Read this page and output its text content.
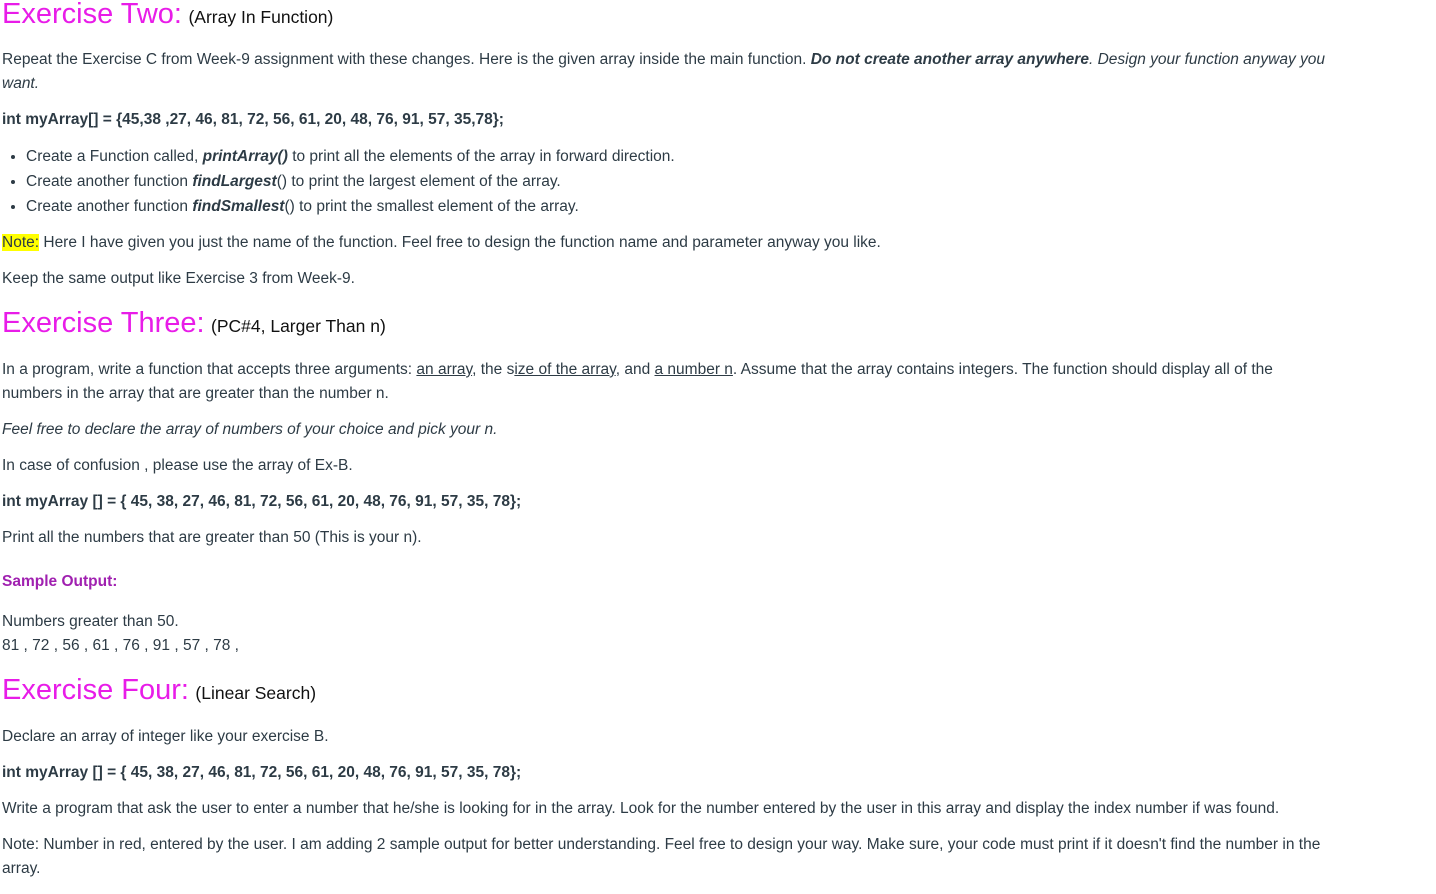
Exercise Two: (Array In Function)

Repeat the Exercise C from Week-9 assignment with these changes. Here is the given array inside the main function. Do not create another array anywhere. Design your function anyway you want.

int myArray[] = {45,38 ,27, 46, 81, 72, 56, 61, 20, 48, 76, 91, 57, 35,78};

• Create a Function called, printArray() to print all the elements of the array in forward direction.
• Create another function findLargest() to print the largest element of the array.
• Create another function findSmallest() to print the smallest element of the array.

Note: Here I have given you just the name of the function. Feel free to design the function name and parameter anyway you like.

Keep the same output like Exercise 3 from Week-9.

Exercise Three: (PC#4, Larger Than n)

In a program, write a function that accepts three arguments: an array, the size of the array, and a number n. Assume that the array contains integers. The function should display all of the numbers in the array that are greater than the number n.

Feel free to declare the array of numbers of your choice and pick your n.

In case of confusion , please use the array of Ex-B.

int myArray [] = { 45, 38, 27, 46, 81, 72, 56, 61, 20, 48, 76, 91, 57, 35, 78};

Print all the numbers that are greater than 50 (This is your n).

Sample Output:

Numbers greater than 50.

81 , 72 , 56 , 61 , 76 , 91 , 57 , 78 ,

Exercise Four: (Linear Search)

Declare an array of integer like your exercise B.

int myArray [] = { 45, 38, 27, 46, 81, 72, 56, 61, 20, 48, 76, 91, 57, 35, 78};

Write a program that ask the user to enter a number that he/she is looking for in the array. Look for the number entered by the user in this array and display the index number if was found.

Note: Number in red, entered by the user. I am adding 2 sample output for better understanding. Feel free to design your way. Make sure, your code must print if it doesn't find the number in the array.
